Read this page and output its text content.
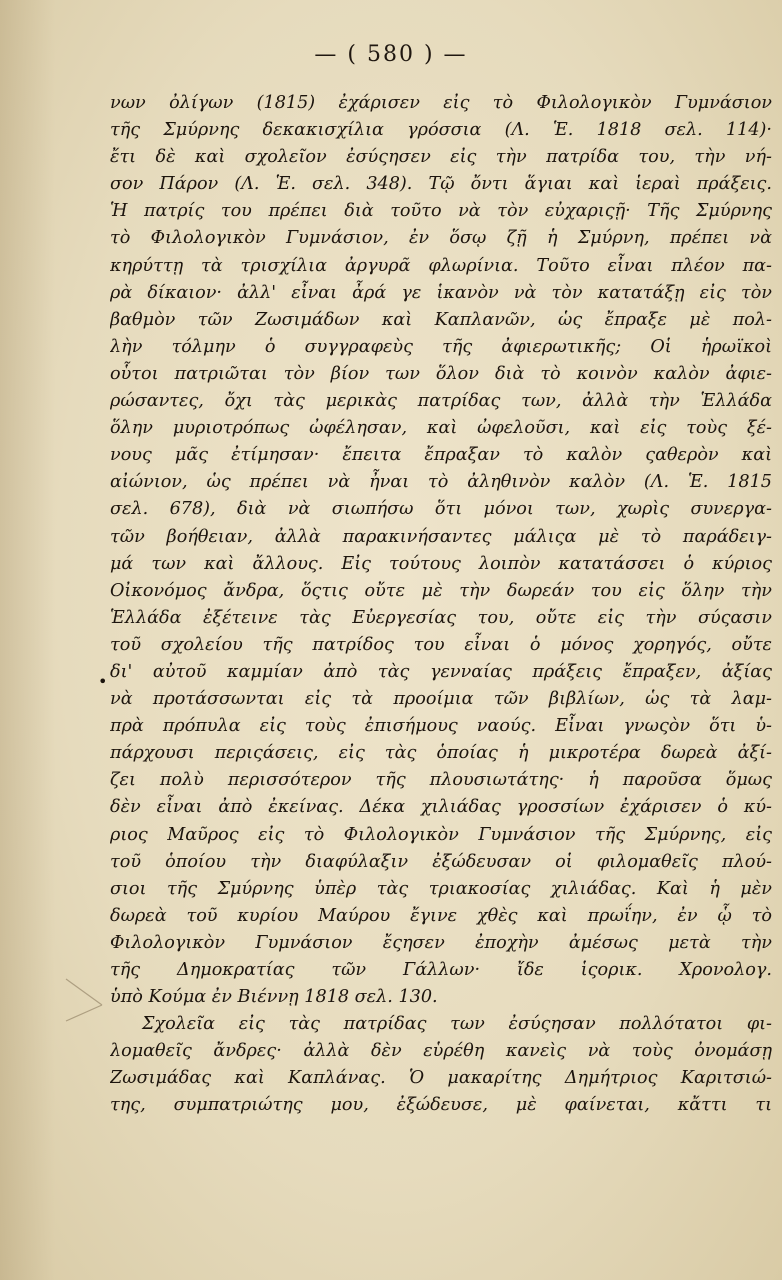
— ( 580 ) —
•
νων ὀλίγων (1815) ἐχάρισεν εἰς τὸ Φιλολογικὸν Γυμνάσιον
τῆς Σμύρνης δεκακισχίλια γρόσσια (Λ. Ἑ. 1818 σελ. 114)·
ἔτι δὲ καὶ σχολεῖον ἐσύςησεν εἰς τὴν πατρίδα του, τὴν νή-
σον Πάρον (Λ. Ἑ. σελ. 348). Τῷ ὄντι ἅγιαι καὶ ἱεραὶ πράξεις.
Ἡ πατρίς του πρέπει διὰ τοῦτο νὰ τὸν εὐχαριςῇ· Τῆς Σμύρνης
τὸ Φιλολογικὸν Γυμνάσιον, ἐν ὅσῳ ζῇ ἡ Σμύρνη, πρέπει νὰ
κηρύττῃ τὰ τρισχίλια ἀργυρᾶ φλωρίνια. Τοῦτο εἶναι πλέον πα-
ρὰ δίκαιον· ἀλλ' εἶναι ἆρά γε ἱκανὸν νὰ τὸν κατατάξῃ εἰς τὸν
βαθμὸν τῶν Ζωσιμάδων καὶ Καπλανῶν, ὡς ἔπραξε μὲ πολ-
λὴν τόλμην ὁ συγγραφεὺς τῆς ἀφιερωτικῆς; Οἱ ἡρωϊκοὶ
οὗτοι πατριῶται τὸν βίον των ὅλον διὰ τὸ κοινὸν καλὸν ἀφιε-
ρώσαντες, ὄχι τὰς μερικὰς πατρίδας των, ἀλλὰ τὴν Ἑλλάδα
ὅλην μυριοτρόπως ὠφέλησαν, καὶ ὠφελοῦσι, καὶ εἰς τοὺς ξέ-
νους μᾶς ἐτίμησαν· ἔπειτα ἔπραξαν τὸ καλὸν ςαθερὸν καὶ
αἰώνιον, ὡς πρέπει νὰ ἦναι τὸ ἀληθινὸν καλὸν (Λ. Ἑ. 1815
σελ. 678), διὰ νὰ σιωπήσω ὅτι μόνοι των, χωρὶς συνεργα-
τῶν βοήθειαν, ἀλλὰ παρακινήσαντες μάλιςα μὲ τὸ παράδειγ-
μά των καὶ ἄλλους. Εἰς τούτους λοιπὸν κατατάσσει ὁ κύριος
Οἰκονόμος ἄνδρα, ὅςτις οὔτε μὲ τὴν δωρεάν του εἰς ὅλην τὴν
Ἑλλάδα ἐξέτεινε τὰς Εὐεργεσίας του, οὔτε εἰς τὴν σύςασιν
τοῦ σχολείου τῆς πατρίδος του εἶναι ὁ μόνος χορηγός, οὔτε
δι' αὐτοῦ καμμίαν ἀπὸ τὰς γενναίας πράξεις ἔπραξεν, ἀξίας
νὰ προτάσσωνται εἰς τὰ προοίμια τῶν βιβλίων, ὡς τὰ λαμ-
πρὰ πρόπυλα εἰς τοὺς ἐπισήμους ναούς. Εἶναι γνωςὸν ὅτι ὑ-
πάρχουσι περιςάσεις, εἰς τὰς ὁποίας ἡ μικροτέρα δωρεὰ ἀξί-
ζει πολὺ περισσότερον τῆς πλουσιωτάτης· ἡ παροῦσα ὅμως
δὲν εἶναι ἀπὸ ἐκείνας. Δέκα χιλιάδας γροσσίων ἐχάρισεν ὁ κύ-
ριος Μαῦρος εἰς τὸ Φιλολογικὸν Γυμνάσιον τῆς Σμύρνης, εἰς
τοῦ ὁποίου τὴν διαφύλαξιν ἐξώδευσαν οἱ φιλομαθεῖς πλού-
σιοι τῆς Σμύρνης ὑπὲρ τὰς τριακοσίας χιλιάδας. Καὶ ἡ μὲν
δωρεὰ τοῦ κυρίου Μαύρου ἔγινε χθὲς καὶ πρωΐην, ἐν ᾧ τὸ
Φιλολογικὸν Γυμνάσιον ἔςησεν ἐποχὴν ἀμέσως μετὰ τὴν
τῆς Δημοκρατίας τῶν Γάλλων· ἴδε ἱςορικ. Χρονολογ.
ὑπὸ Κούμα ἐν Βιέννῃ 1818 σελ. 130.
Σχολεῖα εἰς τὰς πατρίδας των ἐσύςησαν πολλότατοι φι-
λομαθεῖς ἄνδρες· ἀλλὰ δὲν εὑρέθη κανεὶς νὰ τοὺς ὀνομάσῃ
Ζωσιμάδας καὶ Καπλάνας. Ὁ μακαρίτης Δημήτριος Καριτσιώ-
της, συμπατριώτης μου, ἐξώδευσε, μὲ φαίνεται, κἄττι τι
